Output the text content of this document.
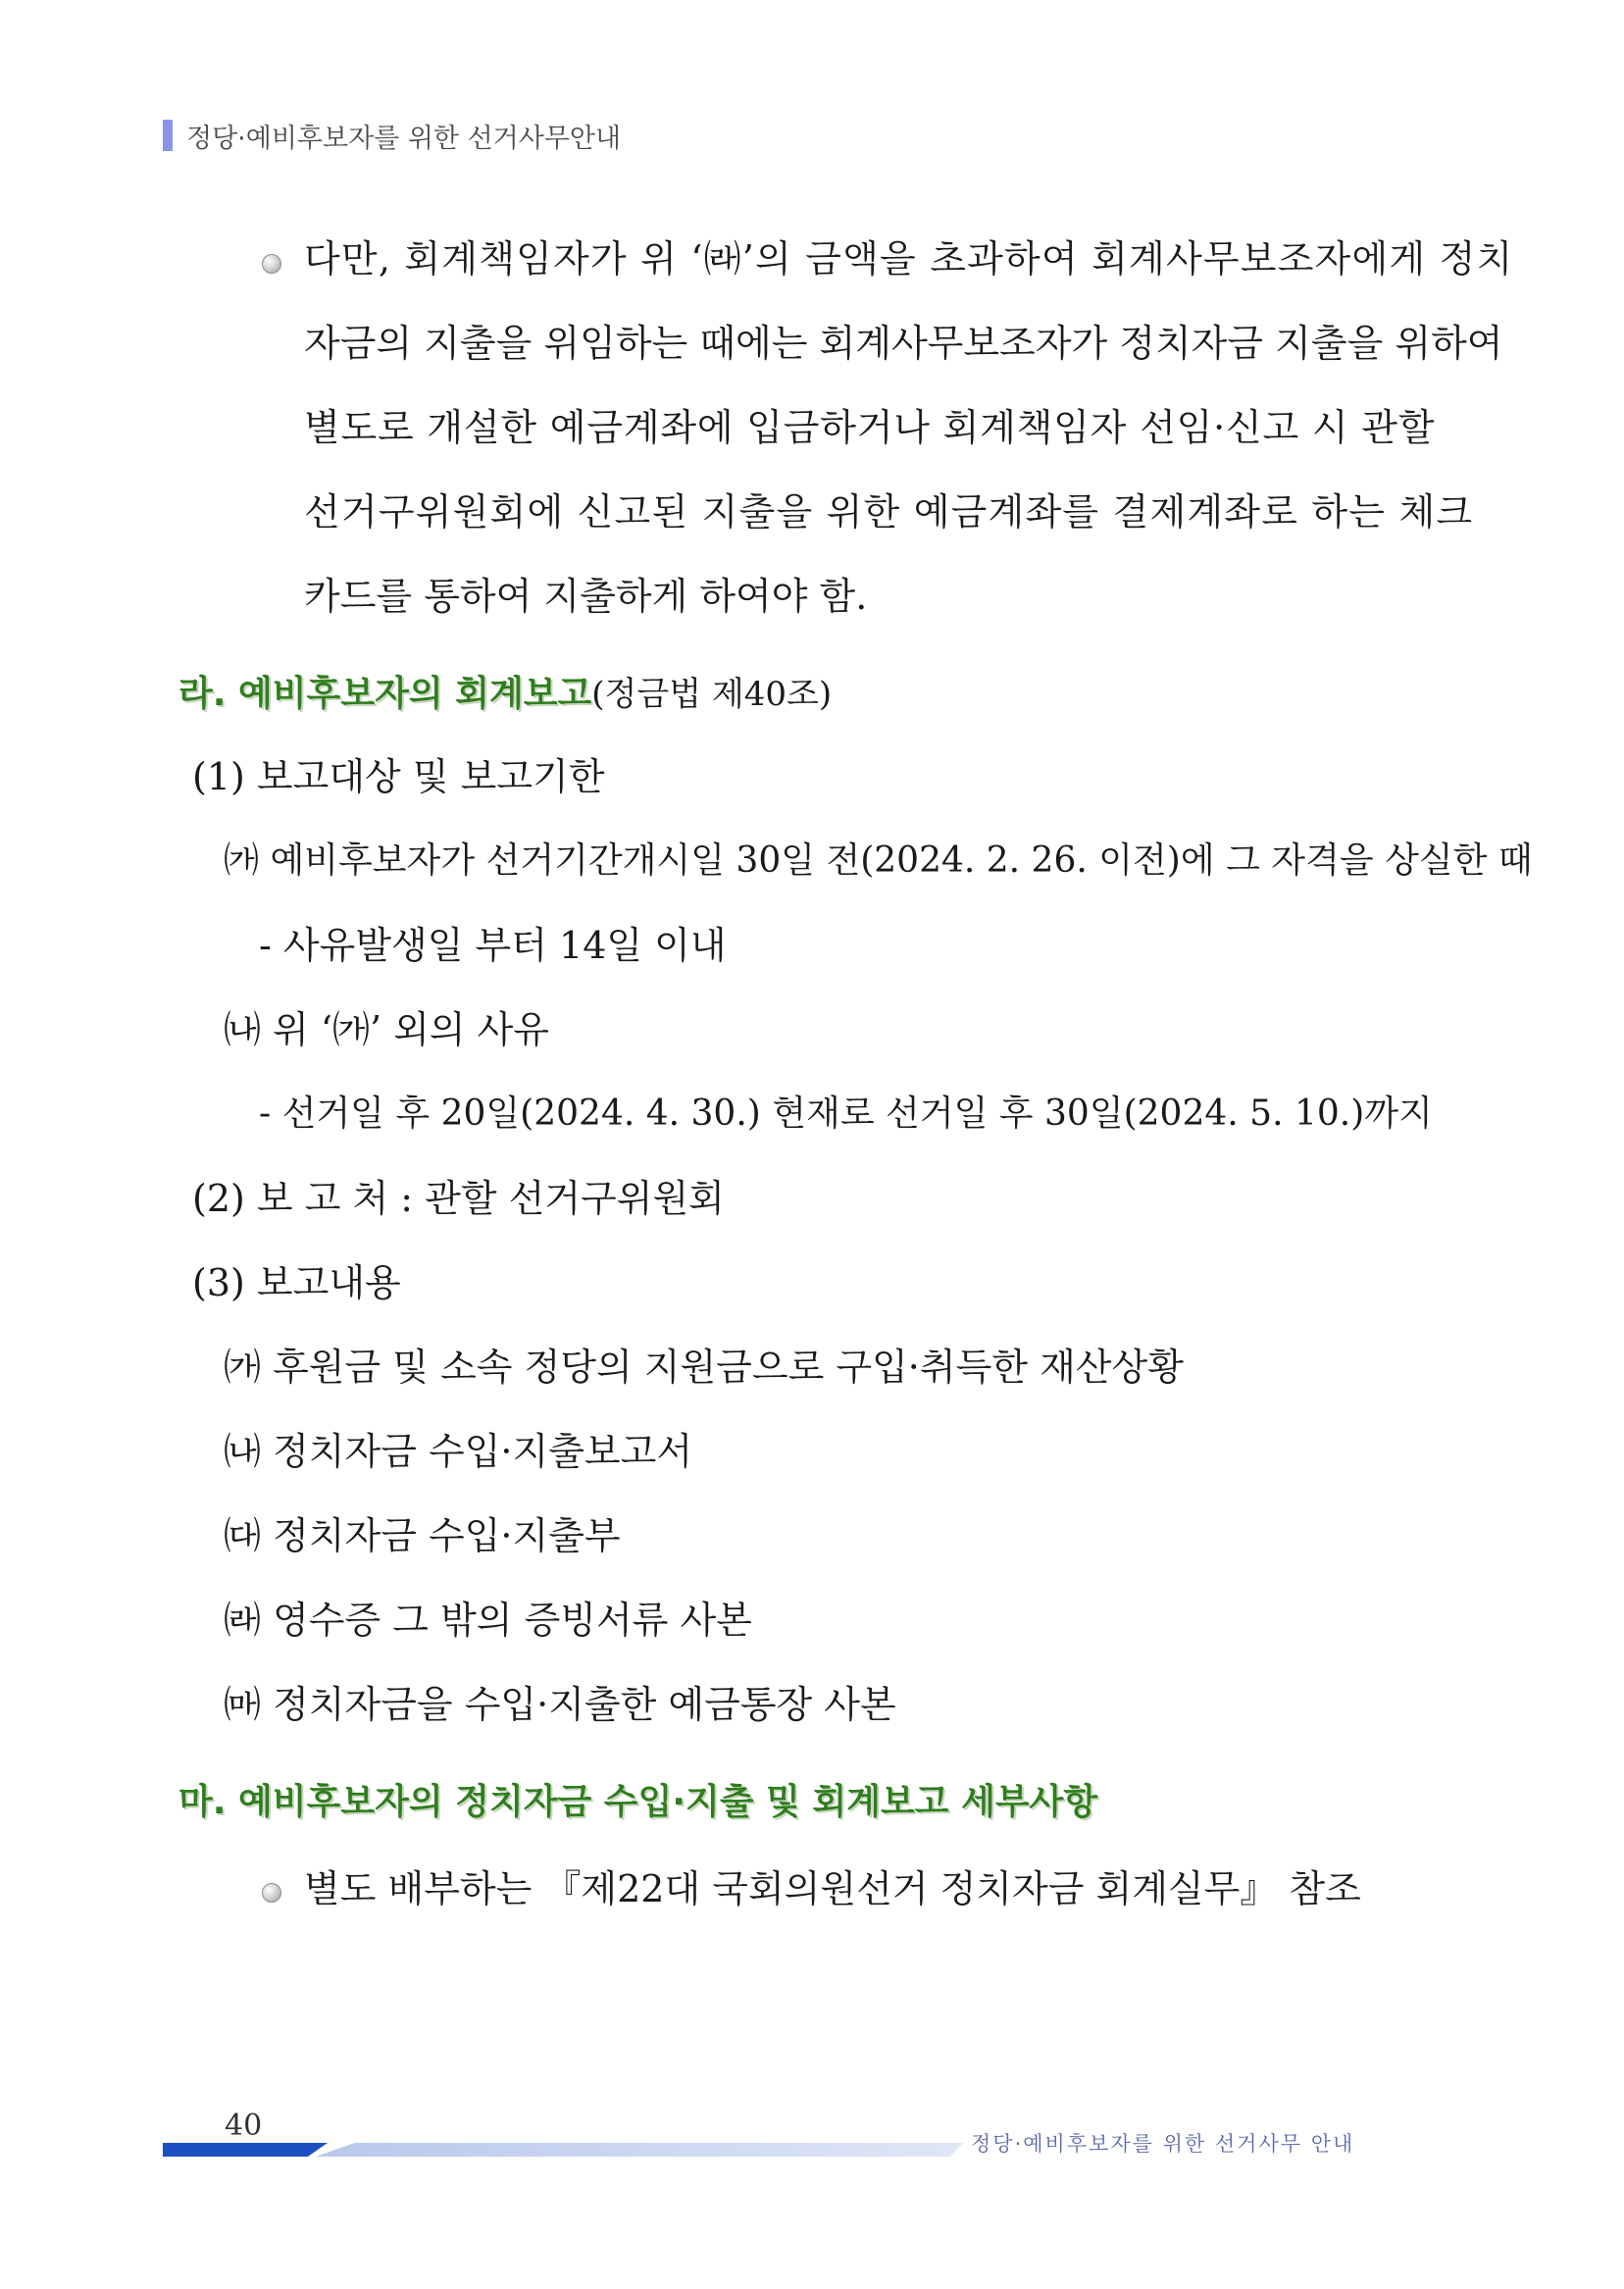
정당·예비후보자를 위한 선거사무안내
다만, 회계책임자가 위 ‘㈑’의 금액을 초과하여 회계사무보조자에게 정치
자금의 지출을 위임하는 때에는 회계사무보조자가 정치자금 지출을 위하여
별도로 개설한 예금계좌에 입금하거나 회계책임자 선임·신고 시 관할
선거구위원회에 신고된 지출을 위한 예금계좌를 결제계좌로 하는 체크
카드를 통하여 지출하게 하여야 함.
라. 예비후보자의 회계보고(정금법 제40조)
(1) 보고대상 및 보고기한
㈎ 예비후보자가 선거기간개시일 30일 전(2024. 2. 26. 이전)에 그 자격을 상실한 때
- 사유발생일 부터 14일 이내
㈏ 위 ‘㈎’ 외의 사유
- 선거일 후 20일(2024. 4. 30.) 현재로 선거일 후 30일(2024. 5. 10.)까지
(2) 보 고 처 : 관할 선거구위원회
(3) 보고내용
㈎ 후원금 및 소속 정당의 지원금으로 구입·취득한 재산상황
㈏ 정치자금 수입·지출보고서
㈐ 정치자금 수입·지출부
㈑ 영수증 그 밖의 증빙서류 사본
㈒ 정치자금을 수입·지출한 예금통장 사본
마. 예비후보자의 정치자금 수입·지출 및 회계보고 세부사항
별도 배부하는 『제22대 국회의원선거 정치자금 회계실무』 참조
40
정당·예비후보자를 위한 선거사무 안내
